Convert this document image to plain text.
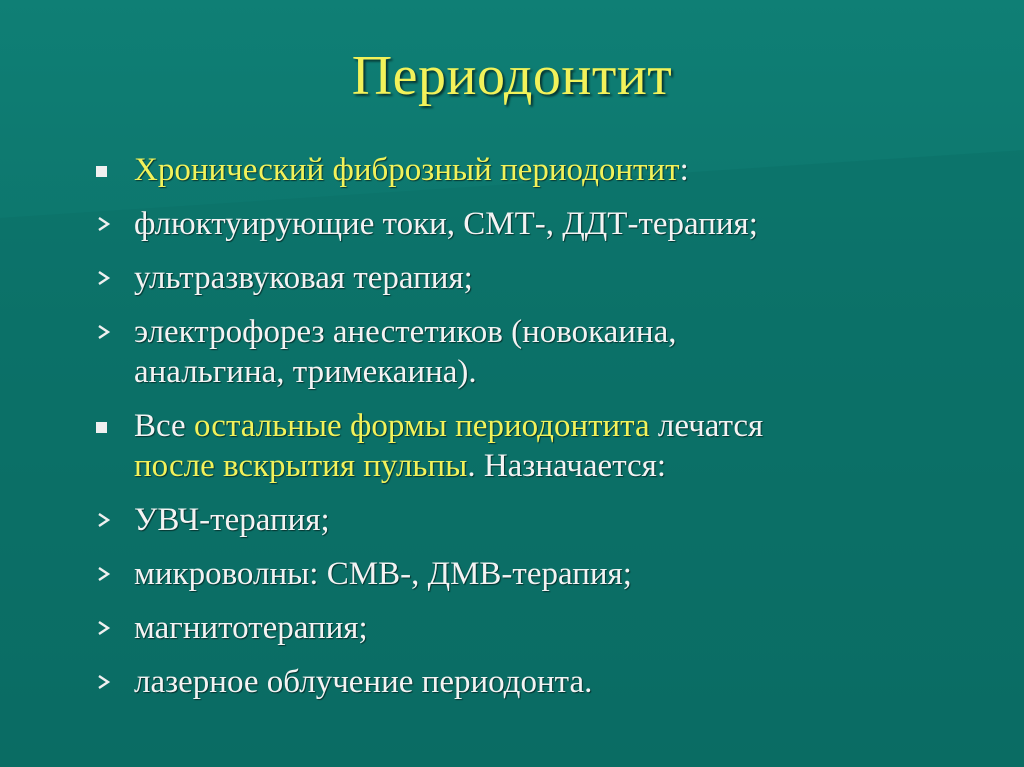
Периодонтит
Хронический фиброзный периодонтит:
флюктуирующие токи, СМТ-, ДДТ-терапия;
ультразвуковая терапия;
электрофорез анестетиков (новокаина,
анальгина, тримекаина).
Все остальные формы периодонтита лечатся
после вскрытия пульпы. Назначается:
УВЧ-терапия;
микроволны: СМВ-, ДМВ-терапия;
магнитотерапия;
лазерное облучение периодонта.
